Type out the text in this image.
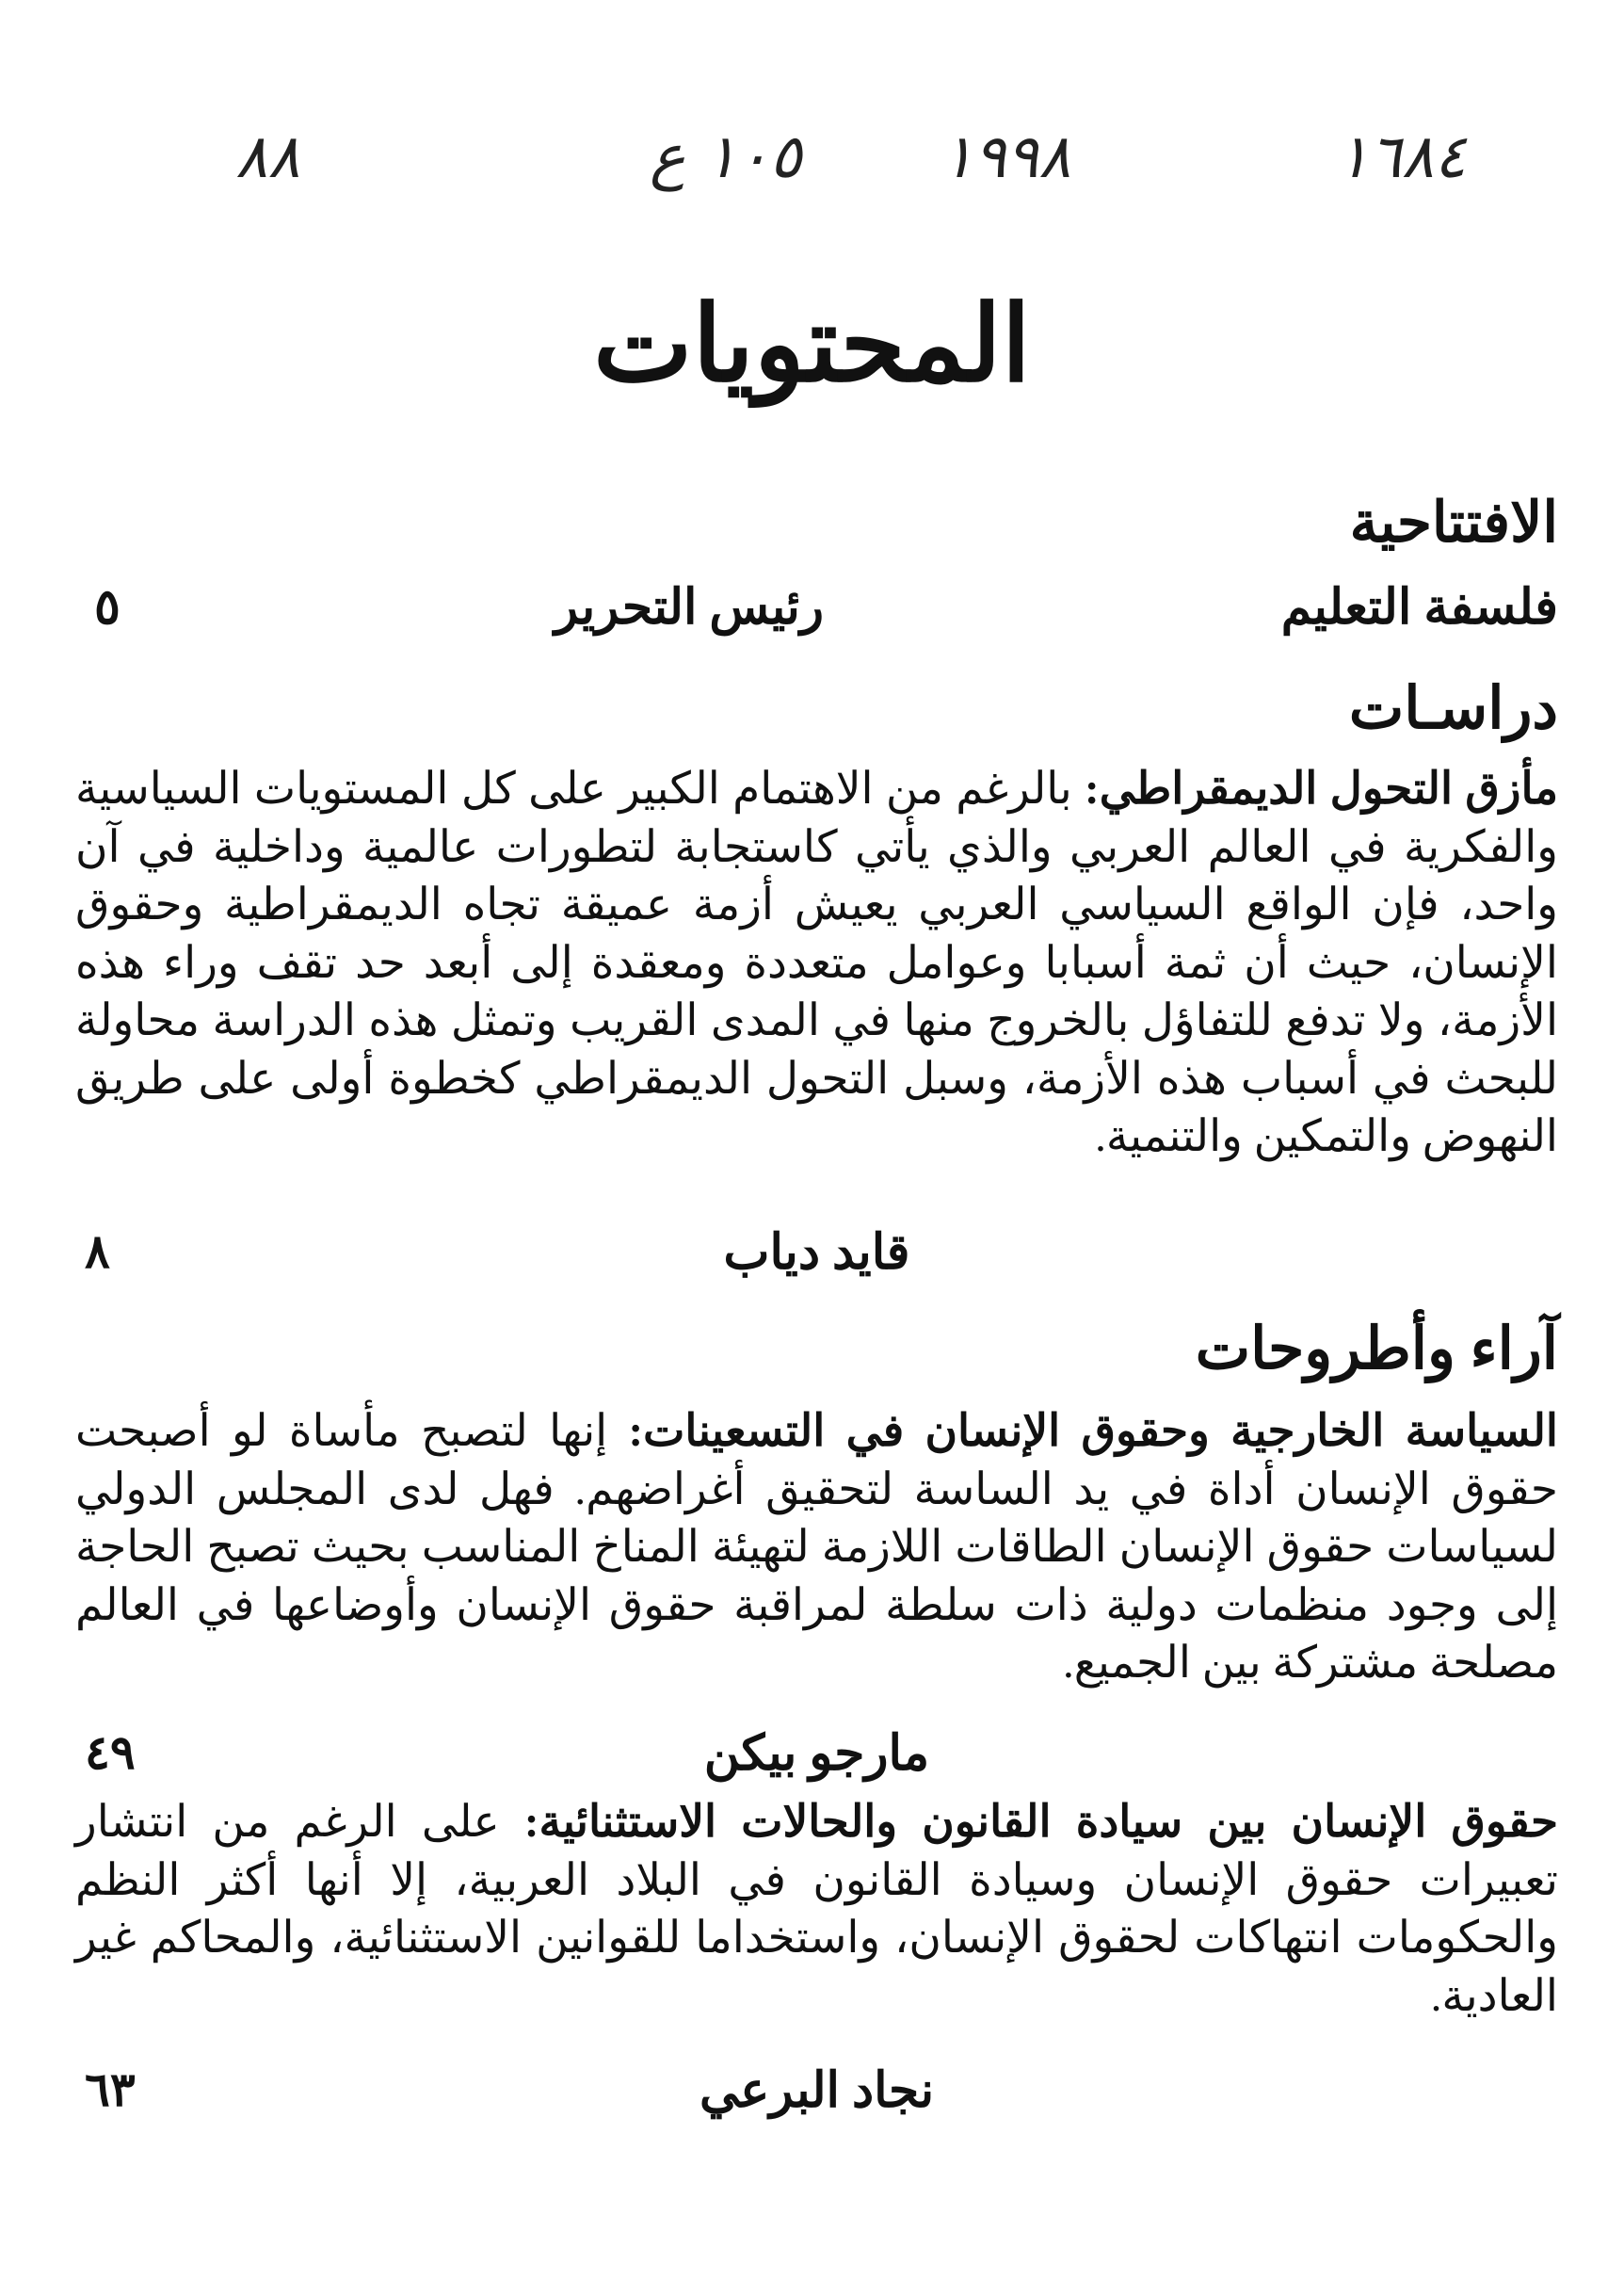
٨٨	١٠٥ ع ١٩٩٨	١٦٨٤
المحتويات
الافتتاحية
فلسفة التعليم
رئيس التحرير
٥
دراسـات
مأزق التحول الديمقراطي: بالرغم من الاهتمام الكبير على كل المستويات السياسية والفكرية في العالم العربي والذي يأتي كاستجابة لتطورات عالمية وداخلية في آن واحد، فإن الواقع السياسي العربي يعيش أزمة عميقة تجاه الديمقراطية وحقوق الإنسان، حيث أن ثمة أسبابا وعوامل متعددة ومعقدة إلى أبعد حد تقف وراء هذه الأزمة، ولا تدفع للتفاؤل بالخروج منها في المدى القريب وتمثل هذه الدراسة محاولة للبحث في أسباب هذه الأزمة، وسبل التحول الديمقراطي كخطوة أولى على طريق النهوض والتمكين والتنمية.
قايد دياب
٨
آراء وأطروحات
السياسة الخارجية وحقوق الإنسان في التسعينات: إنها لتصبح مأساة لو أصبحت حقوق الإنسان أداة في يد الساسة لتحقيق أغراضهم. فهل لدى المجلس الدولي لسياسات حقوق الإنسان الطاقات اللازمة لتهيئة المناخ المناسب بحيث تصبح الحاجة إلى وجود منظمات دولية ذات سلطة لمراقبة حقوق الإنسان وأوضاعها في العالم مصلحة مشتركة بين الجميع.
مارجو بيكن
٤٩
حقوق الإنسان بين سيادة القانون والحالات الاستثنائية: على الرغم من انتشار تعبيرات حقوق الإنسان وسيادة القانون في البلاد العربية، إلا أنها أكثر النظم والحكومات انتهاكات لحقوق الإنسان، واستخداما للقوانين الاستثنائية، والمحاكم غير العادية.
نجاد البرعي
٦٣
